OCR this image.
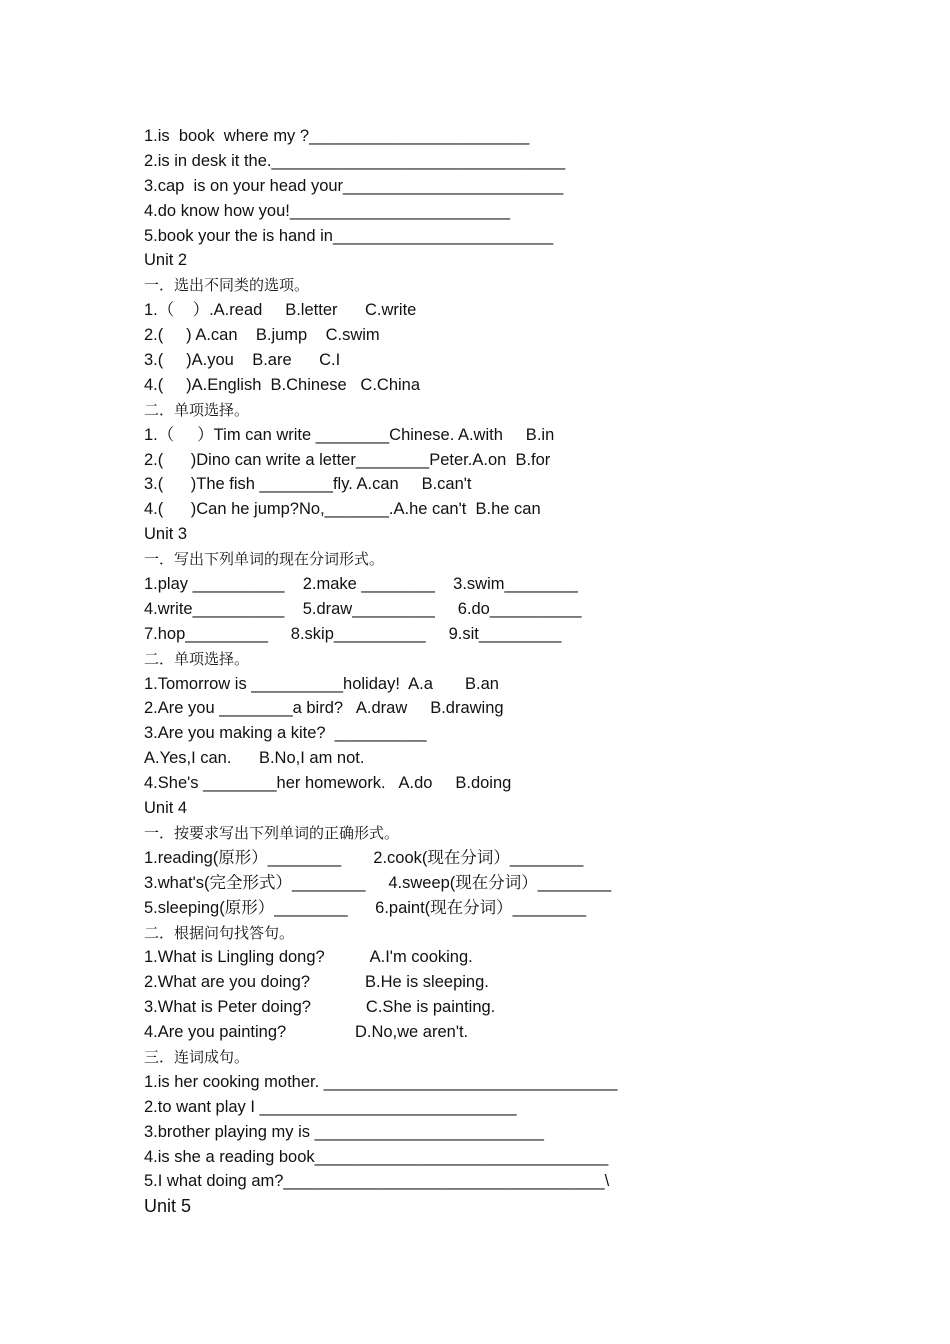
1.is  book  where my ?________________________
2.is in desk it the.________________________________
3.cap  is on your head your________________________
4.do know how you!________________________
5.book your the is hand in________________________
Unit 2
一．选出不同类的选项。
1.（    ）.A.read     B.letter      C.write
2.(     ) A.can    B.jump    C.swim
3.(     )A.you    B.are      C.I
4.(     )A.English  B.Chinese   C.China
二．单项选择。
1.（     ）Tim can write ________Chinese. A.with     B.in
2.(      )Dino can write a letter________Peter.A.on  B.for
3.(      )The fish ________fly. A.can     B.can't
4.(      )Can he jump?No,_______.A.he can't  B.he can
Unit 3
一．写出下列单词的现在分词形式。
1.play __________    2.make ________    3.swim________
4.write__________    5.draw_________     6.do__________
7.hop_________     8.skip__________     9.sit_________
二．单项选择。
1.Tomorrow is __________holiday!  A.a       B.an
2.Are you ________a bird?   A.draw     B.drawing
3.Are you making a kite?  __________
A.Yes,I can.      B.No,I am not.
4.She's ________her homework.   A.do     B.doing
Unit 4
一．按要求写出下列单词的正确形式。
1.reading(原形）________       2.cook(现在分词）________
3.what's(完全形式）________     4.sweep(现在分词）________
5.sleeping(原形）________      6.paint(现在分词）________
二．根据问句找答句。
1.What is Lingling dong?          A.I'm cooking.
2.What are you doing?            B.He is sleeping.
3.What is Peter doing?            C.She is painting.
4.Are you painting?               D.No,we aren't.
三．连词成句。
1.is her cooking mother. ________________________________
2.to want play I ____________________________
3.brother playing my is _________________________
4.is she a reading book________________________________
5.I what doing am?___________________________________\
Unit 5
